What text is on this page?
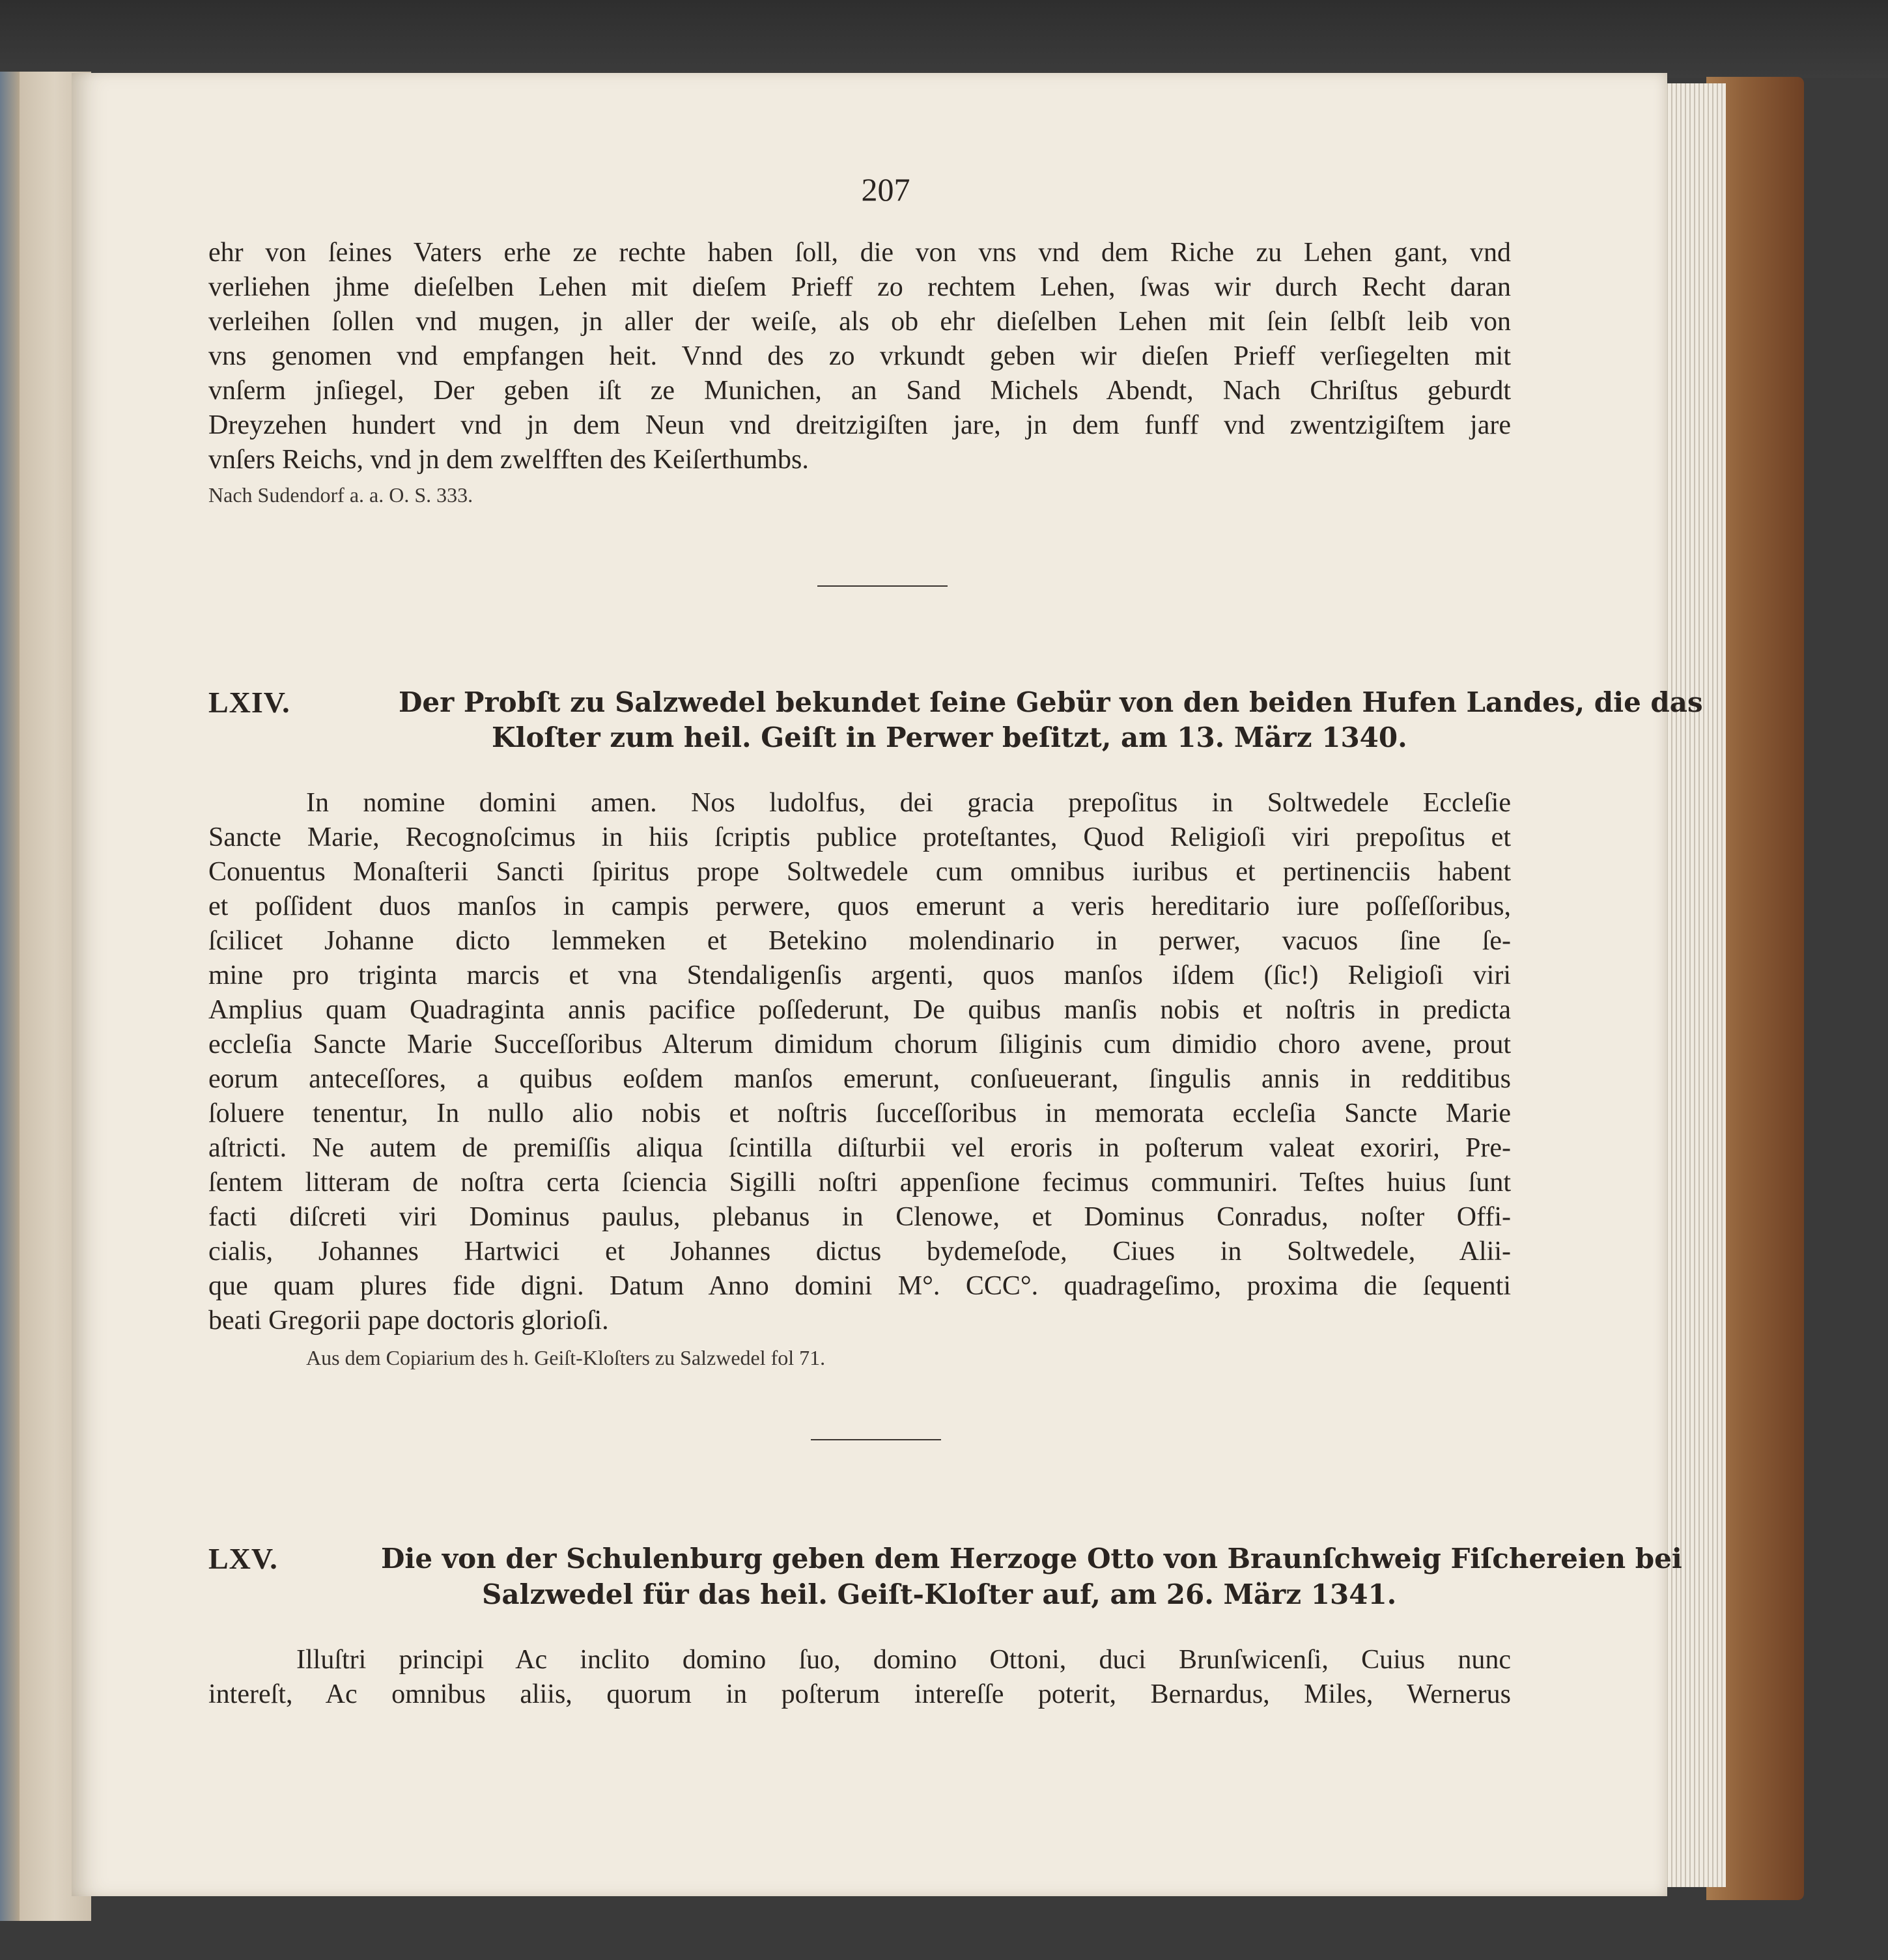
207
ehr von ſeines Vaters erhe ze rechte haben ſoll, die von vns vnd dem Riche zu Lehen gant, vnd
verliehen jhme dieſelben Lehen mit dieſem Prieff zo rechtem Lehen, ſwas wir durch Recht daran
verleihen ſollen vnd mugen, jn aller der weiſe, als ob ehr dieſelben Lehen mit ſein ſelbſt leib von
vns genomen vnd empfangen heit. Vnnd des zo vrkundt geben wir dieſen Prieff verſiegelten mit
vnſerm jnſiegel, Der geben iſt ze Munichen, an Sand Michels Abendt, Nach Chriſtus geburdt
Dreyzehen hundert vnd jn dem Neun vnd dreitzigiſten jare, jn dem funff vnd zwentzigiſtem jare
vnſers Reichs, vnd jn dem zwelfften des Keiſerthumbs.
Nach Sudendorf a. a. O. S. 333.
LXIV.	Der Probſt zu Salzwedel bekundet ſeine Gebür von den beiden Hufen Landes, die das
Kloſter zum heil. Geiſt in Perwer beſitzt, am 13. März 1340.
In nomine domini amen. Nos ludolfus, dei gracia prepoſitus in Soltwedele Eccleſie
Sancte Marie, Recognoſcimus in hiis ſcriptis publice proteſtantes, Quod Religioſi viri prepoſitus et
Conuentus Monaſterii Sancti ſpiritus prope Soltwedele cum omnibus iuribus et pertinenciis habent
et poſſident duos manſos in campis perwere, quos emerunt a veris hereditario iure poſſeſſoribus,
ſcilicet Johanne dicto lemmeken et Betekino molendinario in perwer, vacuos ſine ſe-
mine pro triginta marcis et vna Stendaligenſis argenti, quos manſos iſdem (ſic!) Religioſi viri
Amplius quam Quadraginta annis pacifice poſſederunt, De quibus manſis nobis et noſtris in predicta
eccleſia Sancte Marie Succeſſoribus Alterum dimidum chorum ſiliginis cum dimidio choro avene, prout
eorum anteceſſores, a quibus eoſdem manſos emerunt, conſueuerant, ſingulis annis in redditibus
ſoluere tenentur, In nullo alio nobis et noſtris ſucceſſoribus in memorata eccleſia Sancte Marie
aſtricti. Ne autem de premiſſis aliqua ſcintilla diſturbii vel eroris in poſterum valeat exoriri, Pre-
ſentem litteram de noſtra certa ſciencia Sigilli noſtri appenſione fecimus communiri. Teſtes huius ſunt
facti diſcreti viri Dominus paulus, plebanus in Clenowe, et Dominus Conradus, noſter Offi-
cialis, Johannes Hartwici et Johannes dictus bydemeſode, Ciues in Soltwedele, Alii-
que quam plures fide digni. Datum Anno domini M°. CCC°. quadrageſimo, proxima die ſequenti
beati Gregorii pape doctoris glorioſi.
Aus dem Copiarium des h. Geiſt-Kloſters zu Salzwedel fol 71.
LXV.	Die von der Schulenburg geben dem Herzoge Otto von Braunſchweig Fiſchereien bei
Salzwedel für das heil. Geiſt-Kloſter auf, am 26. März 1341.
Illuſtri principi Ac inclito domino ſuo, domino Ottoni, duci Brunſwicenſi, Cuius nunc
intereſt, Ac omnibus aliis, quorum in poſterum intereſſe poterit, Bernardus, Miles, Wernerus
